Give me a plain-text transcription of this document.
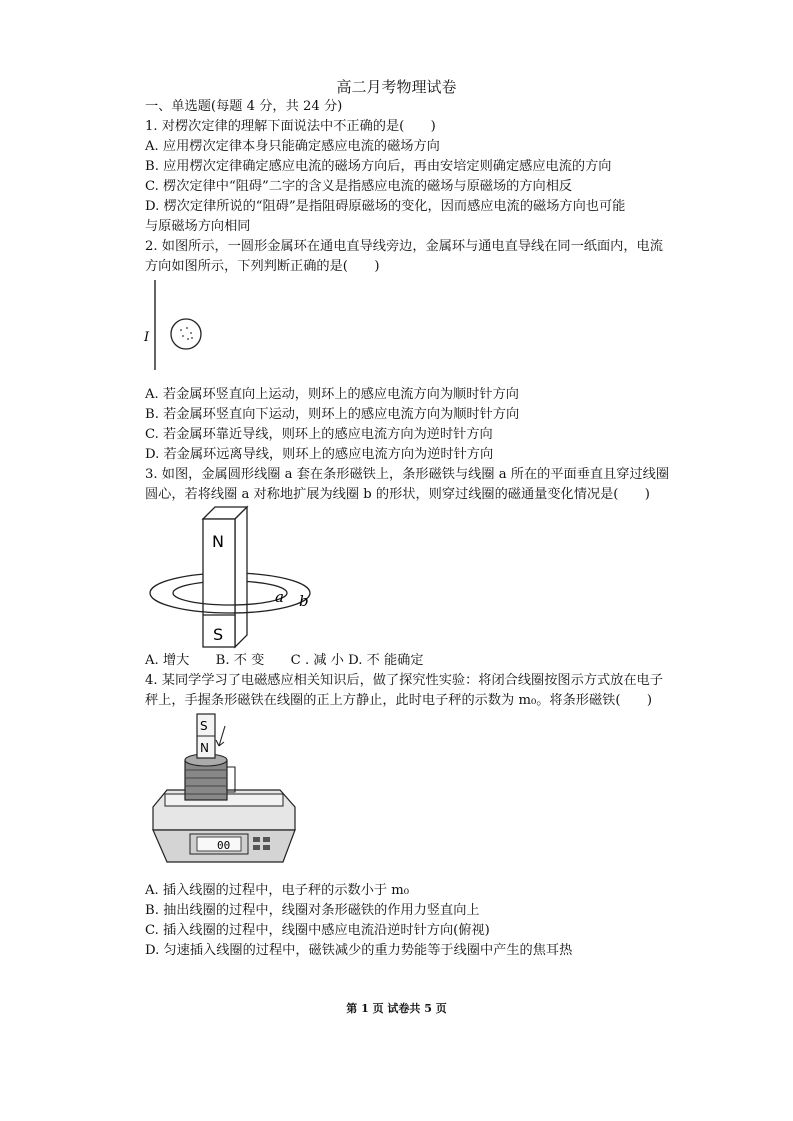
高二月考物理试卷
一、单选题(每题 4 分，共 24 分)
1. 对楞次定律的理解下面说法中不正确的是(　　)
A. 应用楞次定律本身只能确定感应电流的磁场方向
B. 应用楞次定律确定感应电流的磁场方向后，再由安培定则确定感应电流的方向
C. 楞次定律中“阻碍”二字的含义是指感应电流的磁场与原磁场的方向相反
D. 楞次定律所说的“阻碍”是指阻碍原磁场的变化，因而感应电流的磁场方向也可能
与原磁场方向相同
2. 如图所示，一圆形金属环在通电直导线旁边，金属环与通电直导线在同一纸面内，电流
方向如图所示，下列判断正确的是(　　)
I
A. 若金属环竖直向上运动，则环上的感应电流方向为顺时针方向
B. 若金属环竖直向下运动，则环上的感应电流方向为顺时针方向
C. 若金属环靠近导线，则环上的感应电流方向为逆时针方向
D. 若金属环远离导线，则环上的感应电流方向为逆时针方向
3. 如图，金属圆形线圈 a 套在条形磁铁上，条形磁铁与线圈 a 所在的平面垂直且穿过线圈
圆心，若将线圈 a 对称地扩展为线圈 b 的形状，则穿过线圈的磁通量变化情况是(　　)
N
S
a b
A. 增大　　B. 不 变　　C . 减 小 D. 不 能确定
4. 某同学学习了电磁感应相关知识后，做了探究性实验：将闭合线圈按图示方式放在电子
秤上，手握条形磁铁在线圈的正上方静止，此时电子秤的示数为 m₀。将条形磁铁(　　)
00
S
N
A. 插入线圈的过程中，电子秤的示数小于 m₀
B. 抽出线圈的过程中，线圈对条形磁铁的作用力竖直向上
C. 插入线圈的过程中，线圈中感应电流沿逆时针方向(俯视)
D. 匀速插入线圈的过程中，磁铁减少的重力势能等于线圈中产生的焦耳热
第 1 页 试卷共 5 页
